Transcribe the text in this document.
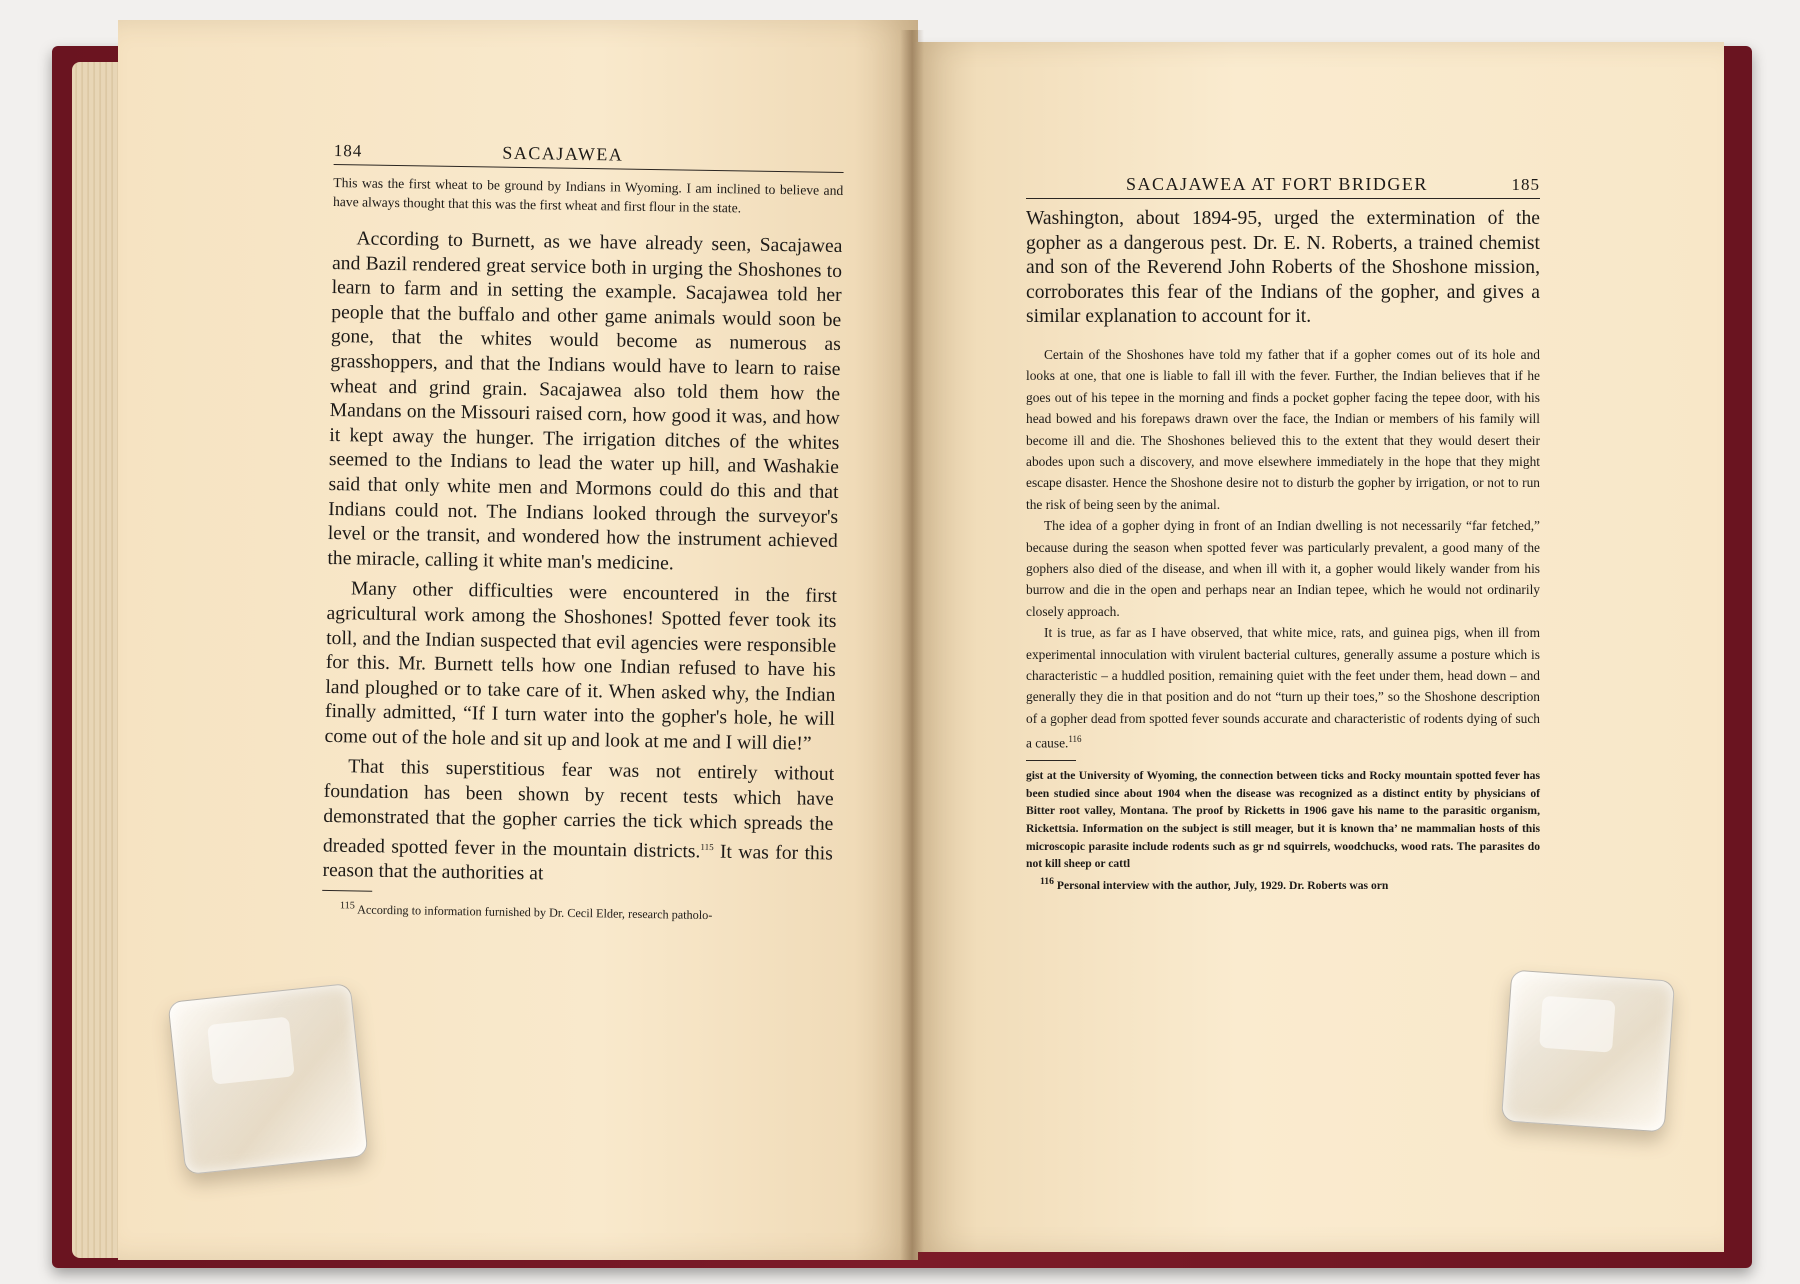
184	SACAJAWEA

This was the first wheat to be ground by Indians in Wyoming. I am inclined to believe and have always thought that this was the first wheat and first flour in the state.

According to Burnett, as we have already seen, Sacajawea and Bazil rendered great service both in urging the Shoshones to learn to farm and in setting the example. Sacajawea told her people that the buffalo and other game animals would soon be gone, that the whites would become as numerous as grasshoppers, and that the Indians would have to learn to raise wheat and grind grain. Sacajawea also told them how the Mandans on the Missouri raised corn, how good it was, and how it kept away the hunger. The irrigation ditches of the whites seemed to the Indians to lead the water up hill, and Washakie said that only white men and Mormons could do this and that Indians could not. The Indians looked through the surveyor's level or the transit, and wondered how the instrument achieved the miracle, calling it white man's medicine.

Many other difficulties were encountered in the first agricultural work among the Shoshones! Spotted fever took its toll, and the Indian suspected that evil agencies were responsible for this. Mr. Burnett tells how one Indian refused to have his land ploughed or to take care of it. When asked why, the Indian finally admitted, “If I turn water into the gopher's hole, he will come out of the hole and sit up and look at me and I will die!”

That this superstitious fear was not entirely without foundation has been shown by recent tests which have demonstrated that the gopher carries the tick which spreads the dreaded spotted fever in the mountain districts.$^{115}$ It was for this reason that the authorities at

$^{115}$ According to information furnished by Dr. Cecil Elder, research patholo-

SACAJAWEA AT FORT BRIDGER	185

Washington, about 1894-95, urged the extermination of the gopher as a dangerous pest. Dr. E. N. Roberts, a trained chemist and son of the Reverend John Roberts of the Shoshone mission, corroborates this fear of the Indians of the gopher, and gives a similar explanation to account for it.

Certain of the Shoshones have told my father that if a gopher comes out of its hole and looks at one, that one is liable to fall ill with the fever. Further, the Indian believes that if he goes out of his tepee in the morning and finds a pocket gopher facing the tepee door, with his head bowed and his forepaws drawn over the face, the Indian or members of his family will become ill and die. The Shoshones believed this to the extent that they would desert their abodes upon such a discovery, and move elsewhere immediately in the hope that they might escape disaster. Hence the Shoshone desire not to disturb the gopher by irrigation, or not to run the risk of being seen by the animal.

The idea of a gopher dying in front of an Indian dwelling is not necessarily “far fetched,” because during the season when spotted fever was particularly prevalent, a good many of the gophers also died of the disease, and when ill with it, a gopher would likely wander from his burrow and die in the open and perhaps near an Indian tepee, which he would not ordinarily closely approach.

It is true, as far as I have observed, that white mice, rats, and guinea pigs, when ill from experimental innoculation with virulent bacterial cultures, generally assume a posture which is characteristic – a huddled position, remaining quiet with the feet under them, head down – and generally they die in that position and do not “turn up their toes,” so the Shoshone description of a gopher dead from spotted fever sounds accurate and characteristic of rodents dying of such a cause.$^{116}$

gist at the University of Wyoming, the connection between ticks and Rocky mountain spotted fever has been studied since about 1904 when the disease was recognized as a distinct entity by physicians of Bitter root valley, Montana. The proof by Ricketts in 1906 gave his name to the parasitic organism, Rickettsia. Information on the subject is still meager, but it is known tha’ ne mammalian hosts of this microscopic parasite include rodents such as gr nd squirrels, woodchucks, wood rats. The parasites do not kill sheep or cattl

$^{116}$ Personal interview with the author, July, 1929. Dr. Roberts was orn
